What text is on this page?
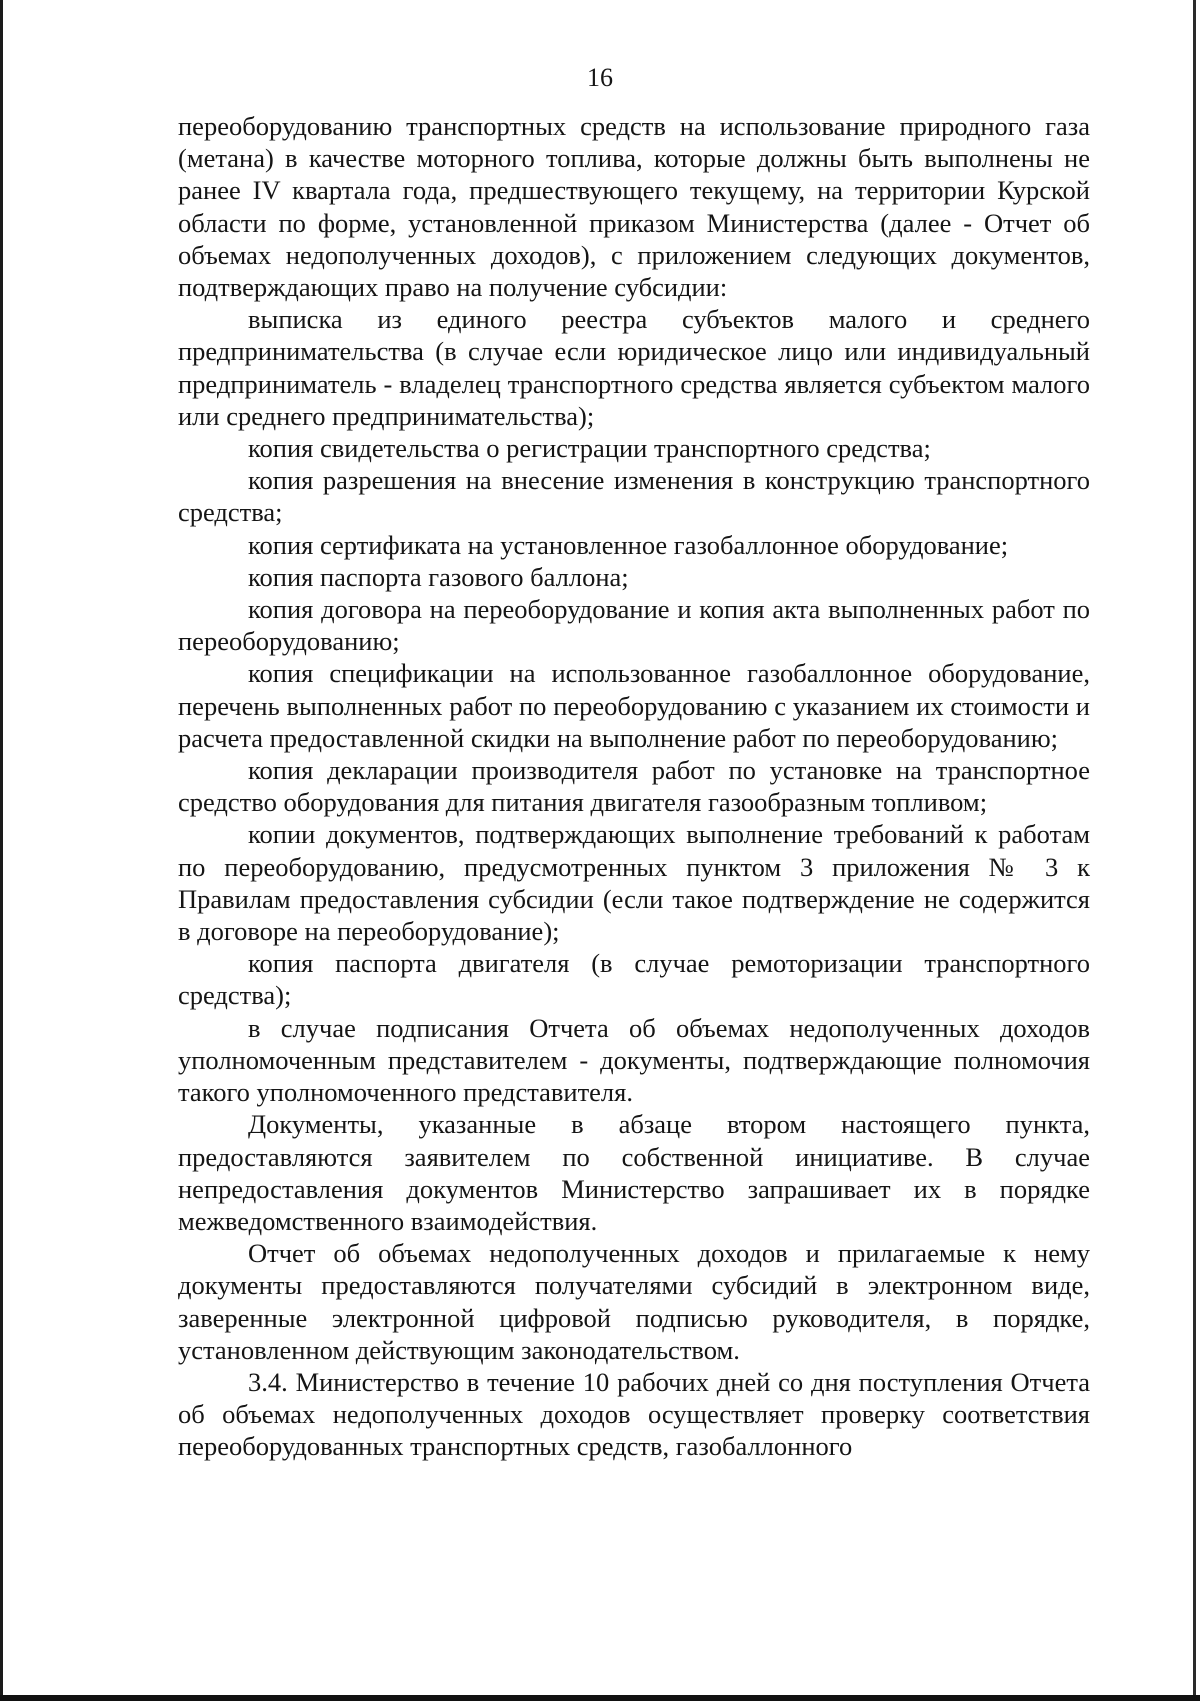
16

переоборудованию транспортных средств на использование природного газа (метана) в качестве моторного топлива, которые должны быть выполнены не ранее IV квартала года, предшествующего текущему, на территории Курской области по форме, установленной приказом Министерства (далее - Отчет об объемах недополученных доходов), с приложением следующих документов, подтверждающих право на получение субсидии:

выписка из единого реестра субъектов малого и среднего предпринимательства (в случае если юридическое лицо или индивидуальный предприниматель - владелец транспортного средства является субъектом малого или среднего предпринимательства);

копия свидетельства о регистрации транспортного средства;

копия разрешения на внесение изменения в конструкцию транспортного средства;

копия сертификата на установленное газобаллонное оборудование;

копия паспорта газового баллона;

копия договора на переоборудование и копия акта выполненных работ по переоборудованию;

копия спецификации на использованное газобаллонное оборудование, перечень выполненных работ по переоборудованию с указанием их стоимости и расчета предоставленной скидки на выполнение работ по переоборудованию;

копия декларации производителя работ по установке на транспортное средство оборудования для питания двигателя газообразным топливом;

копии документов, подтверждающих выполнение требований к работам по переоборудованию, предусмотренных пунктом 3 приложения № 3 к Правилам предоставления субсидии (если такое подтверждение не содержится в договоре на переоборудование);

копия паспорта двигателя (в случае ремоторизации транспортного средства);

в случае подписания Отчета об объемах недополученных доходов уполномоченным представителем - документы, подтверждающие полномочия такого уполномоченного представителя.

Документы, указанные в абзаце втором настоящего пункта, предоставляются заявителем по собственной инициативе. В случае непредоставления документов Министерство запрашивает их в порядке межведомственного взаимодействия.

Отчет об объемах недополученных доходов и прилагаемые к нему документы предоставляются получателями субсидий в электронном виде, заверенные электронной цифровой подписью руководителя, в порядке, установленном действующим законодательством.

3.4. Министерство в течение 10 рабочих дней со дня поступления Отчета об объемах недополученных доходов осуществляет проверку соответствия переоборудованных транспортных средств, газобаллонного
